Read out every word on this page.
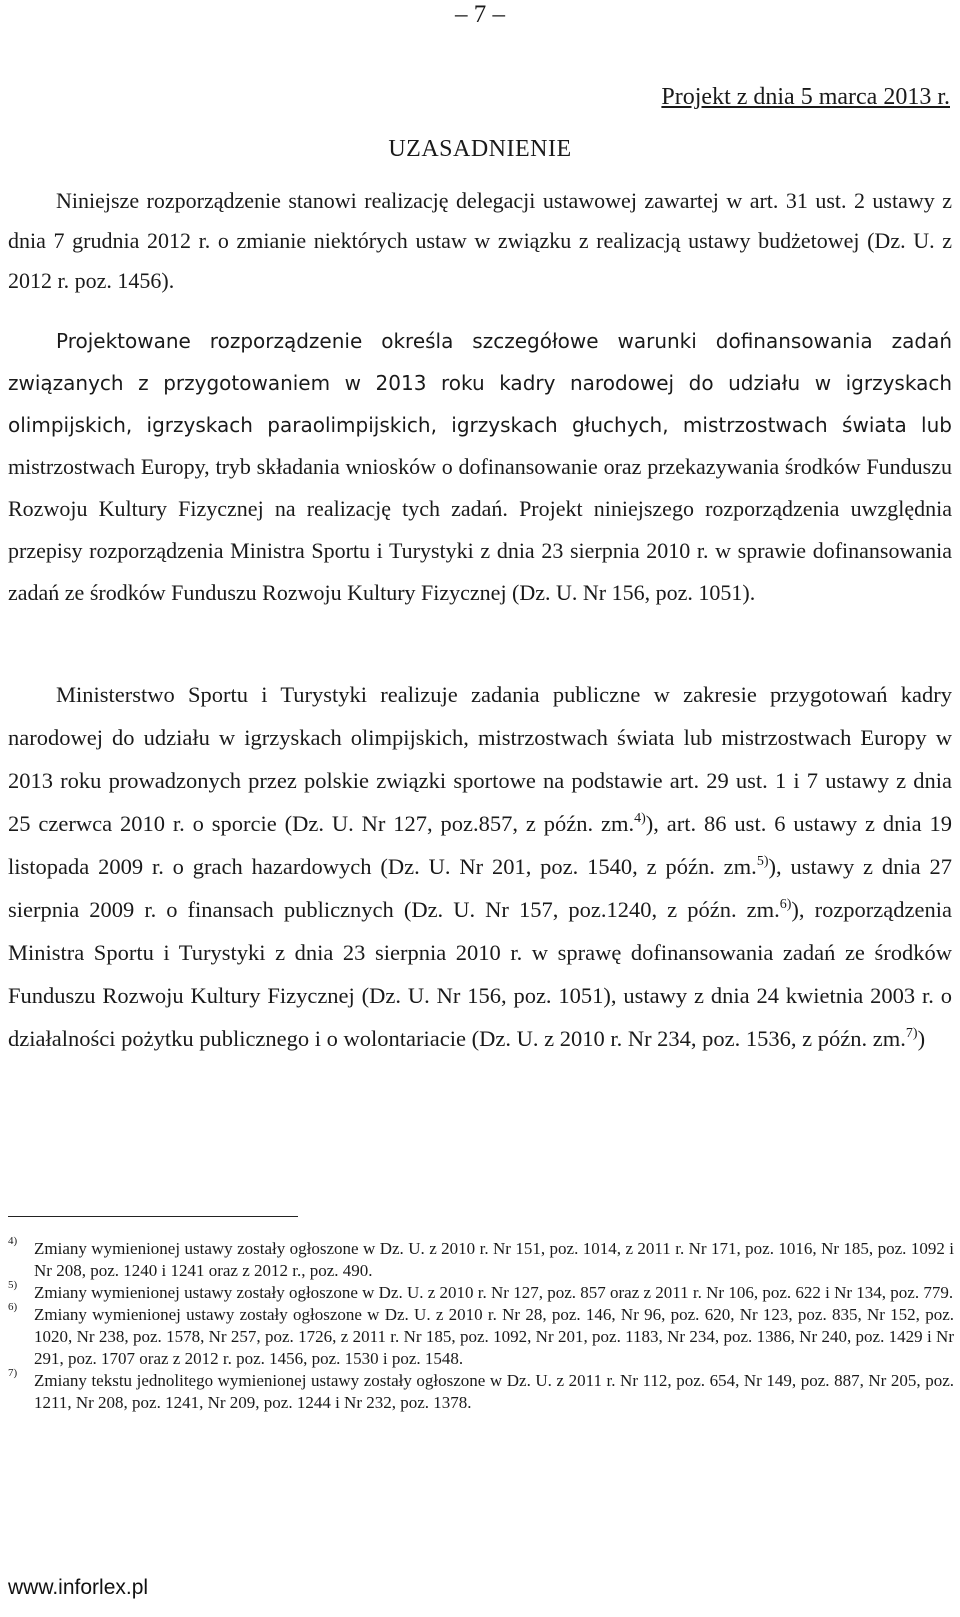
– 7 –
Projekt z dnia 5 marca 2013 r.
UZASADNIENIE

Niniejsze rozporządzenie stanowi realizację delegacji ustawowej zawartej w art. 31 ust. 2 ustawy z dnia 7 grudnia 2012 r. o zmianie niektórych ustaw w związku z realizacją ustawy budżetowej (Dz. U. z 2012 r. poz. 1456).

Projektowane rozporządzenie określa szczegółowe warunki dofinansowania zadań związanych z przygotowaniem w 2013 roku kadry narodowej do udziału w igrzyskach olimpijskich, igrzyskach paraolimpijskich, igrzyskach głuchych, mistrzostwach świata lub mistrzostwach Europy, tryb składania wniosków o dofinansowanie oraz przekazywania środków Funduszu Rozwoju Kultury Fizycznej na realizację tych zadań. Projekt niniejszego rozporządzenia uwzględnia przepisy rozporządzenia Ministra Sportu i Turystyki z dnia 23 sierpnia 2010 r. w sprawie dofinansowania zadań ze środków Funduszu Rozwoju Kultury Fizycznej (Dz. U. Nr 156, poz. 1051).

Ministerstwo Sportu i Turystyki realizuje zadania publiczne w zakresie przygotowań kadry narodowej do udziału w igrzyskach olimpijskich, mistrzostwach świata lub mistrzostwach Europy w 2013 roku prowadzonych przez polskie związki sportowe na podstawie art. 29 ust. 1 i 7 ustawy z dnia 25 czerwca 2010 r. o sporcie (Dz. U. Nr 127, poz.857, z późn. zm.$^{4)}$), art. 86 ust. 6 ustawy z dnia 19 listopada 2009 r. o grach hazardowych (Dz. U. Nr 201, poz. 1540, z późn. zm.$^{5)}$), ustawy z dnia 27 sierpnia 2009 r. o finansach publicznych (Dz. U. Nr 157, poz.1240, z późn. zm.$^{6)}$), rozporządzenia Ministra Sportu i Turystyki z dnia 23 sierpnia 2010 r. w sprawę dofinansowania zadań ze środków Funduszu Rozwoju Kultury Fizycznej (Dz. U. Nr 156, poz. 1051), ustawy z dnia 24 kwietnia 2003 r. o działalności pożytku publicznego i o wolontariacie (Dz. U. z 2010 r. Nr 234, poz. 1536, z późn. zm.$^{7)}$)

4) Zmiany wymienionej ustawy zostały ogłoszone w Dz. U. z 2010 r. Nr 151, poz. 1014, z 2011 r. Nr 171, poz. 1016, Nr 185, poz. 1092 i Nr 208, poz. 1240 i 1241 oraz z 2012 r., poz. 490.
5) Zmiany wymienionej ustawy zostały ogłoszone w Dz. U. z 2010 r. Nr 127, poz. 857 oraz z 2011 r. Nr 106, poz. 622 i Nr 134, poz. 779.
6) Zmiany wymienionej ustawy zostały ogłoszone w Dz. U. z 2010 r. Nr 28, poz. 146, Nr 96, poz. 620, Nr 123, poz. 835, Nr 152, poz. 1020, Nr 238, poz. 1578, Nr 257, poz. 1726, z 2011 r. Nr 185, poz. 1092, Nr 201, poz. 1183, Nr 234, poz. 1386, Nr 240, poz. 1429 i Nr 291, poz. 1707 oraz z 2012 r. poz. 1456, poz. 1530 i poz. 1548.
7) Zmiany tekstu jednolitego wymienionej ustawy zostały ogłoszone w Dz. U. z 2011 r. Nr 112, poz. 654, Nr 149, poz. 887, Nr 205, poz. 1211, Nr 208, poz. 1241, Nr 209, poz. 1244 i Nr 232, poz. 1378.
www.inforlex.pl
